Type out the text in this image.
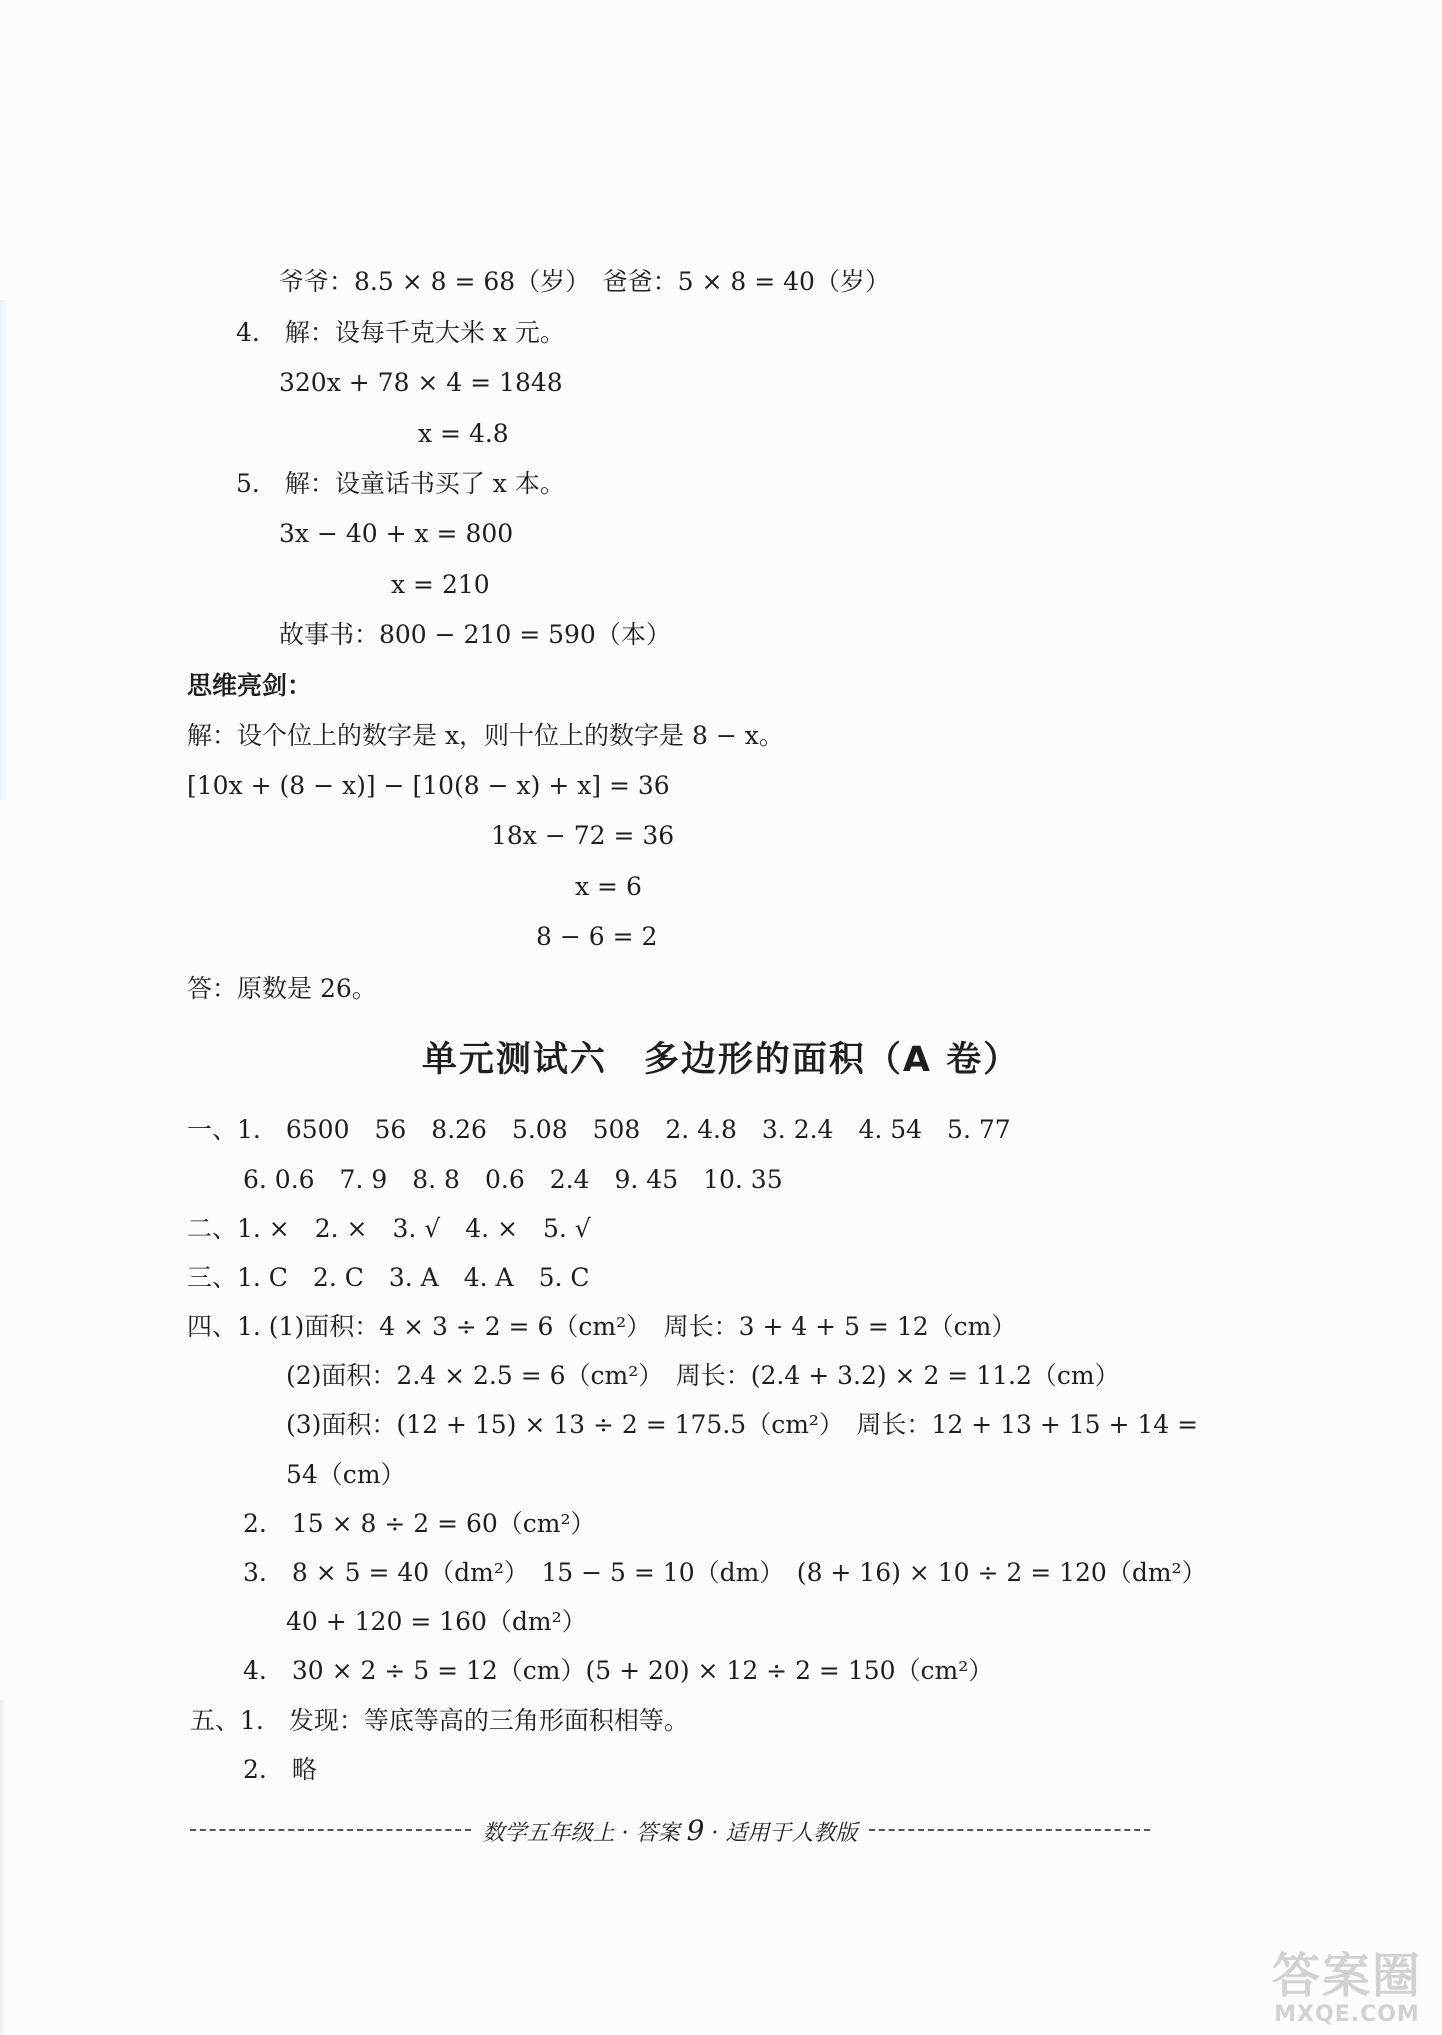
爷爷：8.5 × 8 = 68（岁）　爸爸：5 × 8 = 40（岁）
4.　解：设每千克大米 x 元。
320x + 78 × 4 = 1848
x = 4.8
5.　解：设童话书买了 x 本。
3x − 40 + x = 800
x = 210
故事书：800 − 210 = 590（本）
思维亮剑：
解：设个位上的数字是 x，则十位上的数字是 8 − x。
[10x + (8 − x)] − [10(8 − x) + x] = 36
18x − 72 = 36
x = 6
8 − 6 = 2
答：原数是 26。
单元测试六　多边形的面积（A 卷）
一、1.　6500　56　8.26　5.08　508　2. 4.8　3. 2.4　4. 54　5. 77
6. 0.6　7. 9　8. 8　0.6　2.4　9. 45　10. 35
二、1. ×　2. ×　3. √　4. ×　5. √
三、1. C　2. C　3. A　4. A　5. C
四、1. (1)面积：4 × 3 ÷ 2 = 6（cm²）　周长：3 + 4 + 5 = 12（cm）
(2)面积：2.4 × 2.5 = 6（cm²）　周长：(2.4 + 3.2) × 2 = 11.2（cm）
(3)面积：(12 + 15) × 13 ÷ 2 = 175.5（cm²）　周长：12 + 13 + 15 + 14 =
54（cm）
2.　15 × 8 ÷ 2 = 60（cm²）
3.　8 × 5 = 40（dm²）　15 − 5 = 10（dm）　(8 + 16) × 10 ÷ 2 = 120（dm²）
40 + 120 = 160（dm²）
4.　30 × 2 ÷ 5 = 12（cm）(5 + 20) × 12 ÷ 2 = 150（cm²）
五、1.　发现：等底等高的三角形面积相等。
2.　略
数学五年级上 · 答案 9 · 适用于人教版
答案圈
MXQE.COM
